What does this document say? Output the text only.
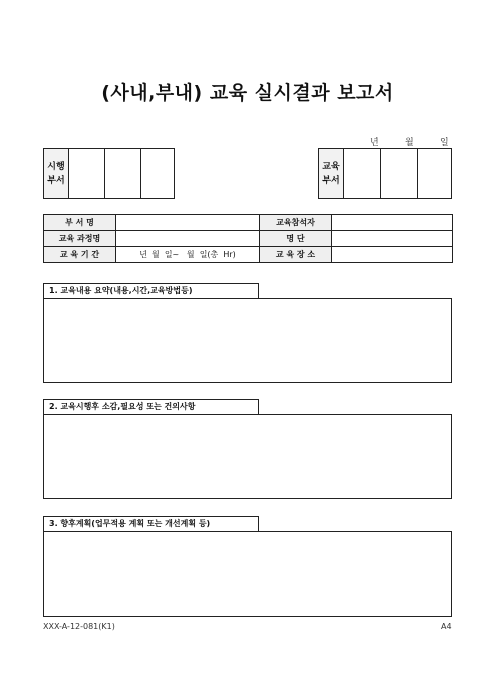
(사내,부내) 교육 실시결과 보고서
년	월	일
시행
부서
교육
부서
부 서 명		교육참석자	
교육 과정명		명 단	
교 육 기 간	년  월  일~   월  일(총  Hr)	교 육 장 소	
1. 교육내용 요약(내용,시간,교육방법등)
2. 교육시행후 소감,필요성 또는 건의사항
3. 향후계획(업무적용 계획 또는 개선계획 등)
XXX-A-12-081(K1)	A4
